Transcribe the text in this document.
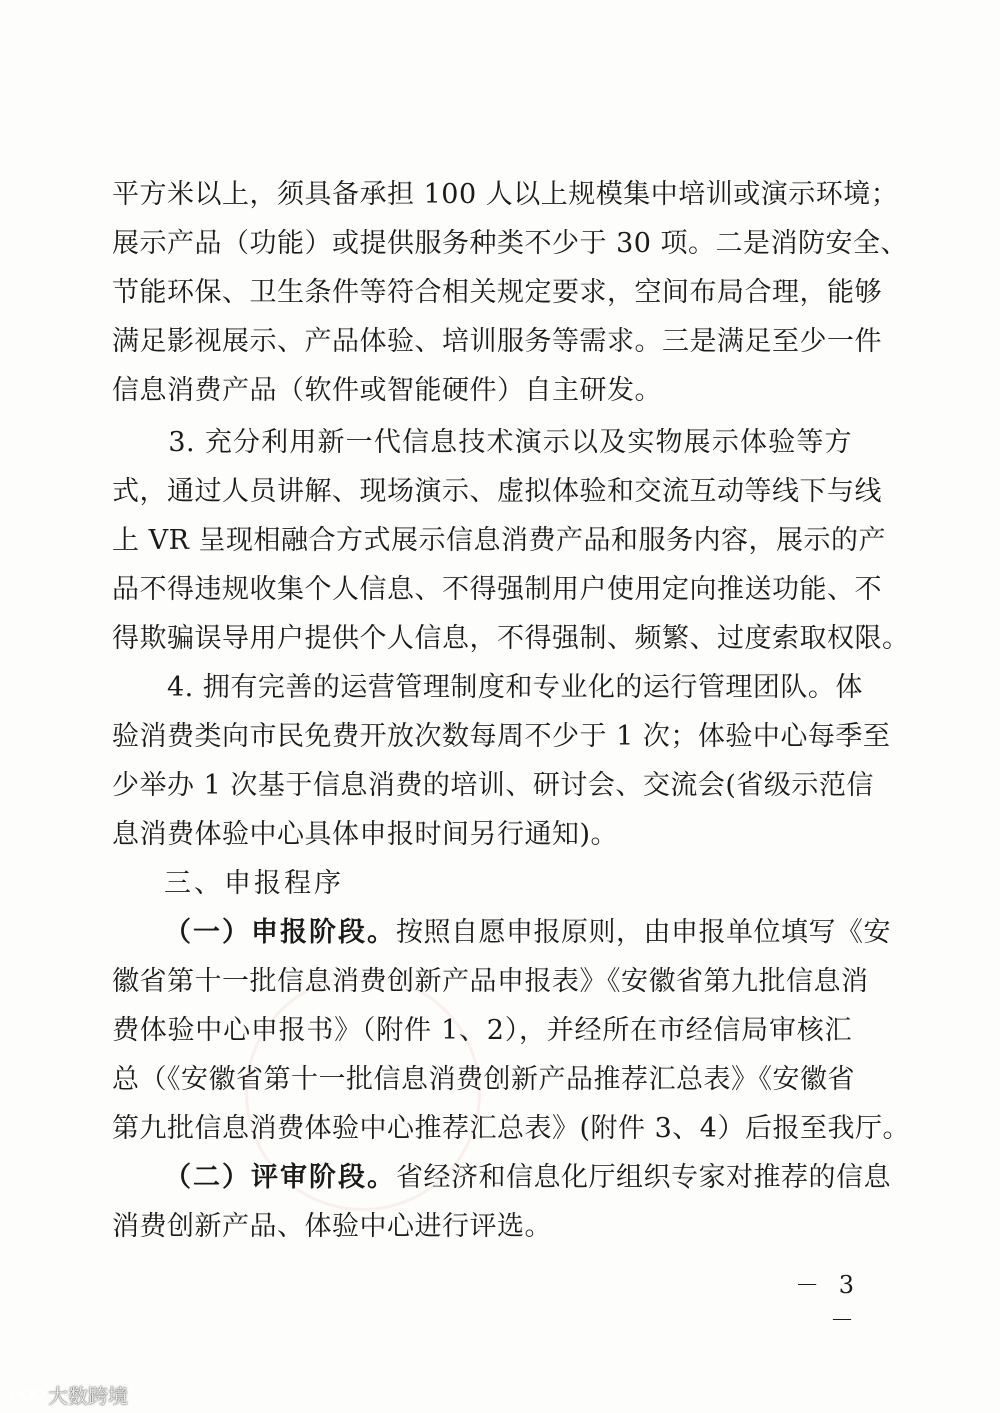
平方米以上，须具备承担 100 人以上规模集中培训或演示环境；
展示产品（功能）或提供服务种类不少于 30 项。二是消防安全、
节能环保、卫生条件等符合相关规定要求，空间布局合理，能够
满足影视展示、产品体验、培训服务等需求。三是满足至少一件
信息消费产品（软件或智能硬件）自主研发。
　　3. 充分利用新一代信息技术演示以及实物展示体验等方
式，通过人员讲解、现场演示、虚拟体验和交流互动等线下与线
上 VR 呈现相融合方式展示信息消费产品和服务内容，展示的产
品不得违规收集个人信息、不得强制用户使用定向推送功能、不
得欺骗误导用户提供个人信息，不得强制、频繁、过度索取权限。
　　4. 拥有完善的运营管理制度和专业化的运行管理团队。体
验消费类向市民免费开放次数每周不少于 1 次；体验中心每季至
少举办 1 次基于信息消费的培训、研讨会、交流会(省级示范信
息消费体验中心具体申报时间另行通知)。
三、申报程序
（一）申报阶段。按照自愿申报原则，由申报单位填写《安
徽省第十一批信息消费创新产品申报表》《安徽省第九批信息消
费体验中心申报书》（附件 1、2），并经所在市经信局审核汇
总（《安徽省第十一批信息消费创新产品推荐汇总表》《安徽省
第九批信息消费体验中心推荐汇总表》(附件 3、4）后报至我厅。
（二）评审阶段。省经济和信息化厅组织专家对推荐的信息
消费创新产品、体验中心进行评选。
－ 3 －
大数跨境
